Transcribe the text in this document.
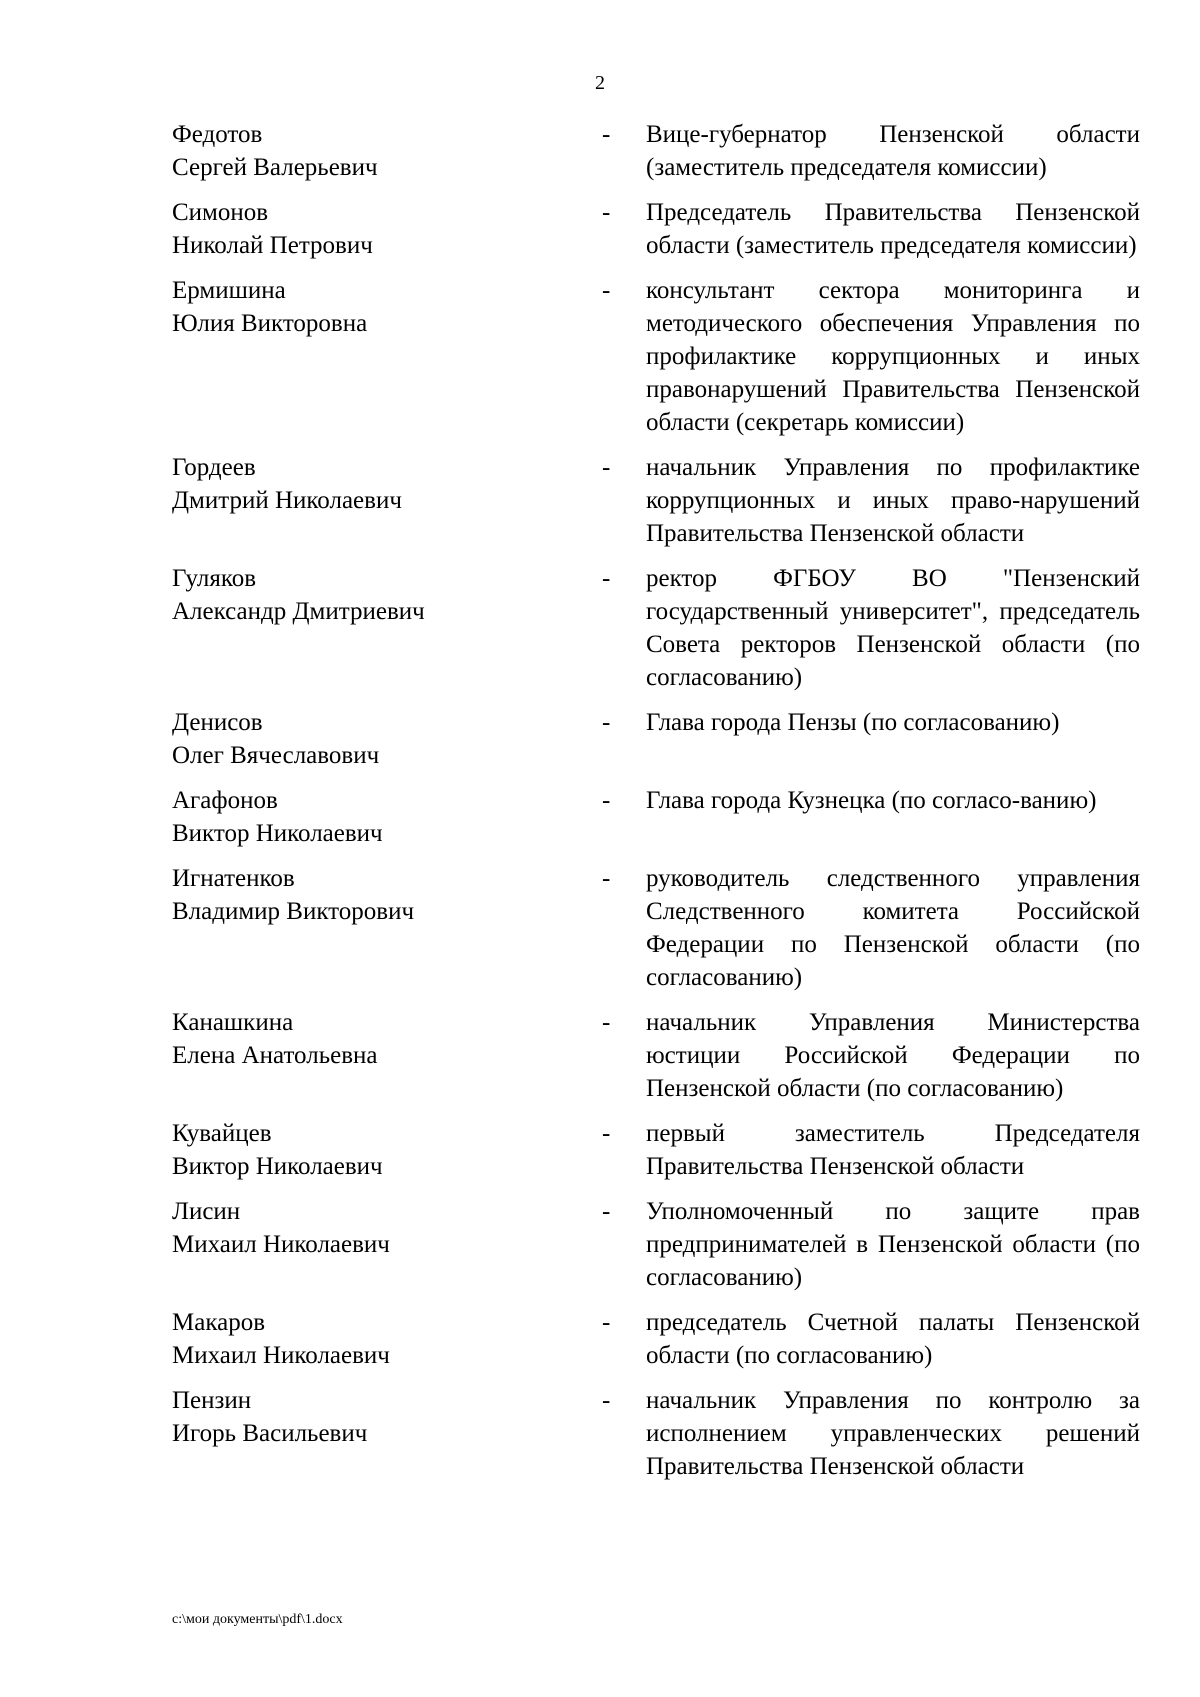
2
Федотов
Сергей Валерьевич
-	Вице-губернатор Пензенской области (заместитель председателя комиссии)
Симонов
Николай Петрович
-	Председатель Правительства Пензенской области (заместитель председателя комиссии)
Ермишина
Юлия Викторовна
-	консультант сектора мониторинга и методического обеспечения Управления по профилактике коррупционных и иных правонарушений Правительства Пензенской области (секретарь комиссии)
Гордеев
Дмитрий Николаевич
-	начальник Управления по профилактике коррупционных и иных право-нарушений Правительства Пензенской области
Гуляков
Александр Дмитриевич
-	ректор ФГБОУ ВО "Пензенский государственный университет", председатель Совета ректоров Пензенской области (по согласованию)
Денисов
Олег Вячеславович
-	Глава города Пензы (по согласованию)
Агафонов
Виктор Николаевич
-	Глава города Кузнецка (по согласо-ванию)
Игнатенков
Владимир Викторович
-	руководитель следственного управления Следственного комитета Российской Федерации по Пензенской области (по согласованию)
Канашкина
Елена Анатольевна
-	начальник Управления Министерства юстиции Российской Федерации по Пензенской области (по согласованию)
Кувайцев
Виктор Николаевич
-	первый заместитель Председателя Правительства Пензенской области
Лисин
Михаил Николаевич
-	Уполномоченный по защите прав предпринимателей в Пензенской области (по согласованию)
Макаров
Михаил Николаевич
-	председатель Счетной палаты Пензенской области (по согласованию)
Пензин
Игорь Васильевич
-	начальник Управления по контролю за исполнением управленческих решений Правительства Пензенской области
c:\мои документы\pdf\1.docx
